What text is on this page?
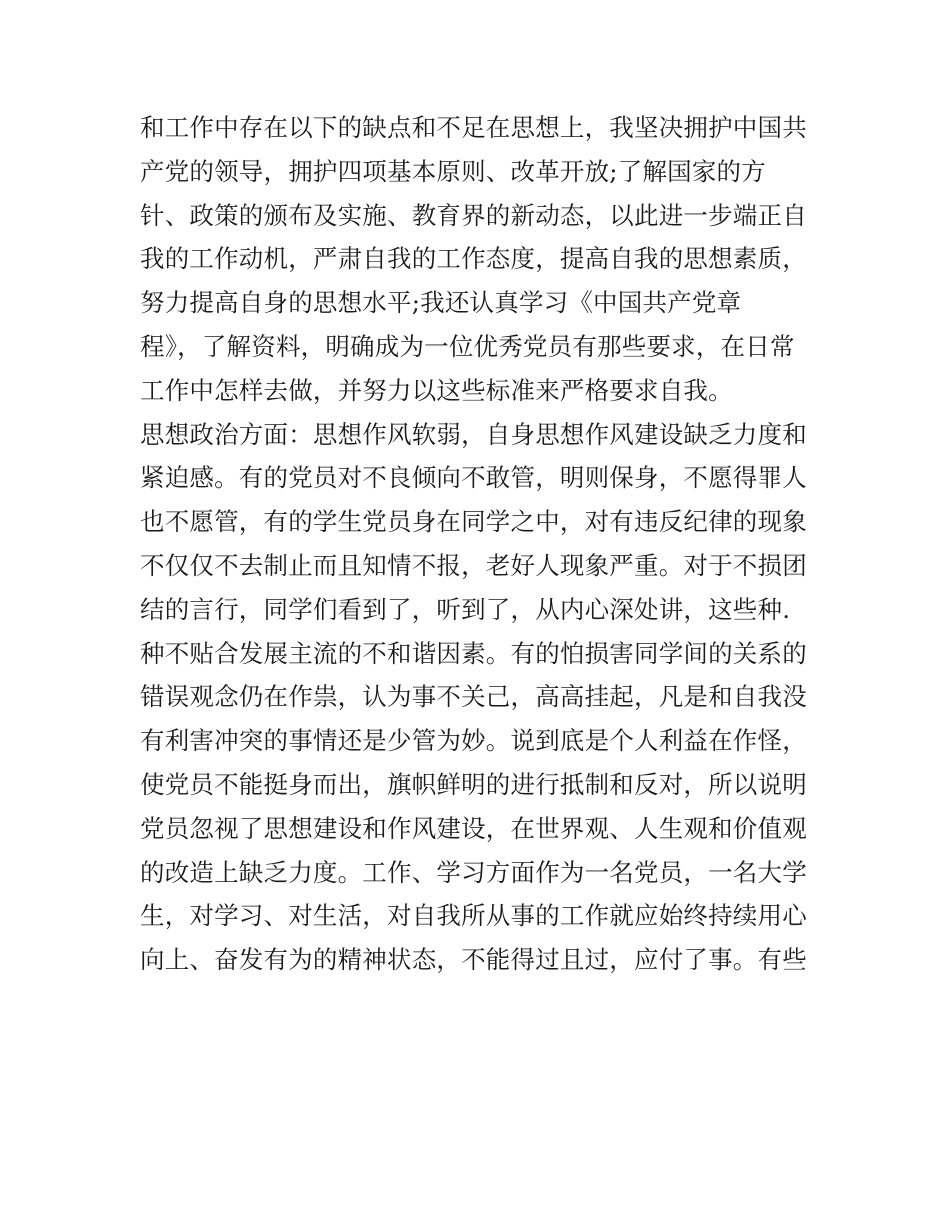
和工作中存在以下的缺点和不足在思想上，我坚决拥护中国共
产党的领导，拥护四项基本原则、改革开放;了解国家的方
针、政策的颁布及实施、教育界的新动态，以此进一步端正自
我的工作动机，严肃自我的工作态度，提高自我的思想素质，
努力提高自身的思想水平;我还认真学习《中国共产党章
程》，了解资料，明确成为一位优秀党员有那些要求，在日常
工作中怎样去做，并努力以这些标准来严格要求自我。
思想政治方面：思想作风软弱，自身思想作风建设缺乏力度和
紧迫感。有的党员对不良倾向不敢管，明则保身，不愿得罪人
也不愿管，有的学生党员身在同学之中，对有违反纪律的现象
不仅仅不去制止而且知情不报，老好人现象严重。对于不损团
结的言行，同学们看到了，听到了，从内心深处讲，这些种.
种不贴合发展主流的不和谐因素。有的怕损害同学间的关系的
错误观念仍在作祟，认为事不关己，高高挂起，凡是和自我没
有利害冲突的事情还是少管为妙。说到底是个人利益在作怪，
使党员不能挺身而出，旗帜鲜明的进行抵制和反对，所以说明
党员忽视了思想建设和作风建设，在世界观、人生观和价值观
的改造上缺乏力度。工作、学习方面作为一名党员，一名大学
生，对学习、对生活，对自我所从事的工作就应始终持续用心
向上、奋发有为的精神状态，不能得过且过，应付了事。有些
